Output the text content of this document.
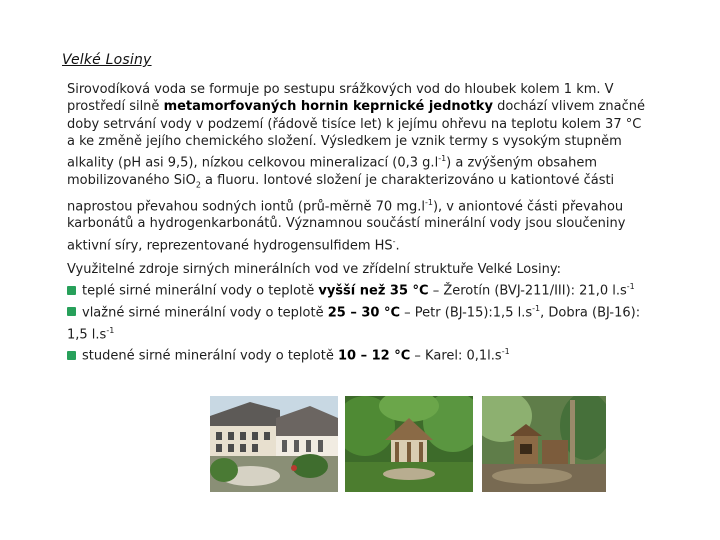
Velké Losiny
Sirovodíková voda se formuje po sestupu srážkových vod do hloubek kolem 1 km. V prostředí silně metamorfovaných hornin keprnické jednotky dochází vlivem značné doby setrvání vody v podzemí (řádově tisíce let) k jejímu ohřevu na teplotu kolem 37 °C a ke změně jejího chemického složení. Výsledkem je vznik termy s vysokým stupněm alkality (pH asi 9,5), nízkou celkovou mineralizací (0,3 $g.l^{-1}$) a zvýšeným obsahem mobilizovaného SiO$_2$ a fluoru. Iontové složení je charakterizováno u kationtové části naprostou převahou sodných iontů (prů-měrně 70 $mg.l^{-1}$), v aniontové části převahou karbonátů a hydrogenkarbonátů. Významnou součástí minerální vody jsou sloučeniny aktivní síry, reprezentované hydrogensulfidem HS-.
Využitelné zdroje sirných minerálních vod ve zřídelní struktuře Velké Losiny:
teplé sirné minerální vody o teplotě vyšší než 35 °C – Žerotín (BVJ-211/III): 21,0 $l.s^{-1}$
vlažné sirné minerální vody o teplotě 25 – 30 °C – Petr (BJ-15):1,5 $l.s^{-1}$, Dobra (BJ-16): 1,5 $l.s^{-1}$
studené sirné minerální vody o teplotě 10 – 12 °C – Karel: $0,1l.s^{-1}$
